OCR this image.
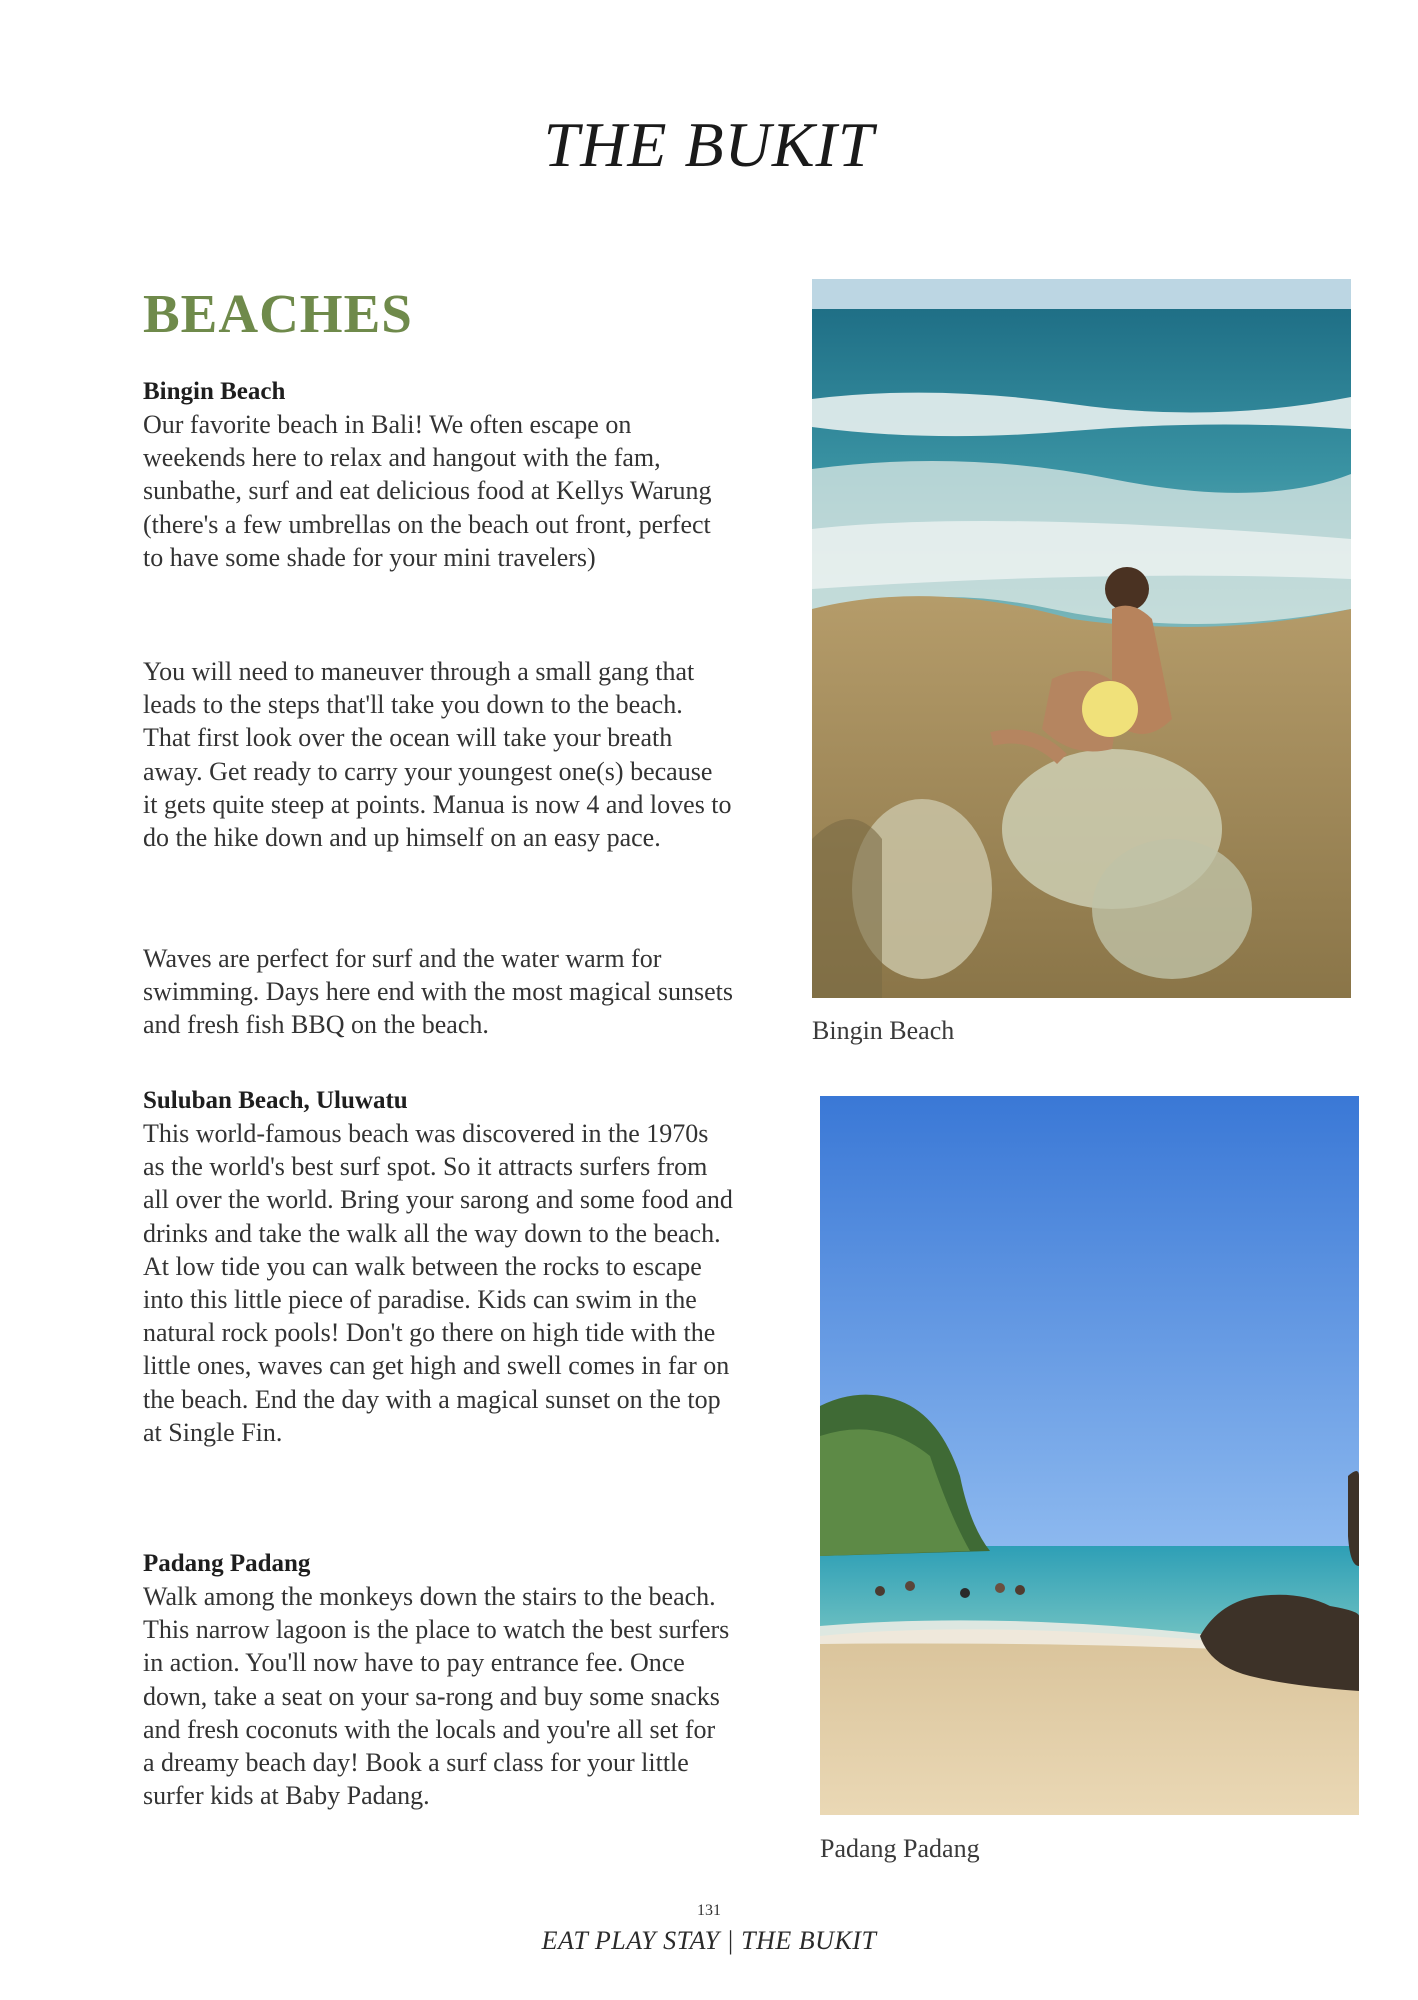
THE BUKIT
BEACHES

Bingin Beach

Our favorite beach in Bali! We often escape on weekends here to relax and hangout with the fam, sunbathe, surf and eat delicious food at Kellys Warung (there's a few umbrellas on the beach out front, perfect to have some shade for your mini travelers)

You will need to maneuver through a small gang that leads to the steps that'll take you down to the beach. That first look over the ocean will take your breath away. Get ready to carry your youngest one(s) because it gets quite steep at points. Manua is now 4 and loves to do the hike down and up himself on an easy pace.

Waves are perfect for surf and the water warm for swimming. Days here end with the most magical sunsets and fresh fish BBQ on the beach.

Suluban Beach, Uluwatu

This world-famous beach was discovered in the 1970s as the world's best surf spot. So it attracts surfers from all over the world. Bring your sarong and some food and drinks and take the walk all the way down to the beach. At low tide you can walk between the rocks to escape into this little piece of paradise. Kids can swim in the natural rock pools! Don't go there on high tide with the little ones, waves can get high and swell comes in far on the beach. End the day with a magical sunset on the top at Single Fin.

Padang Padang

Walk among the monkeys down the stairs to the beach. This narrow lagoon is the place to watch the best surfers in action. You'll now have to pay entrance fee. Once down, take a seat on your sa-rong and buy some snacks and fresh coconuts with the locals and you're all set for a dreamy beach day! Book a surf class for your little surfer kids at Baby Padang.

Bingin Beach

Padang Padang

131
EAT PLAY STAY | THE BUKIT
